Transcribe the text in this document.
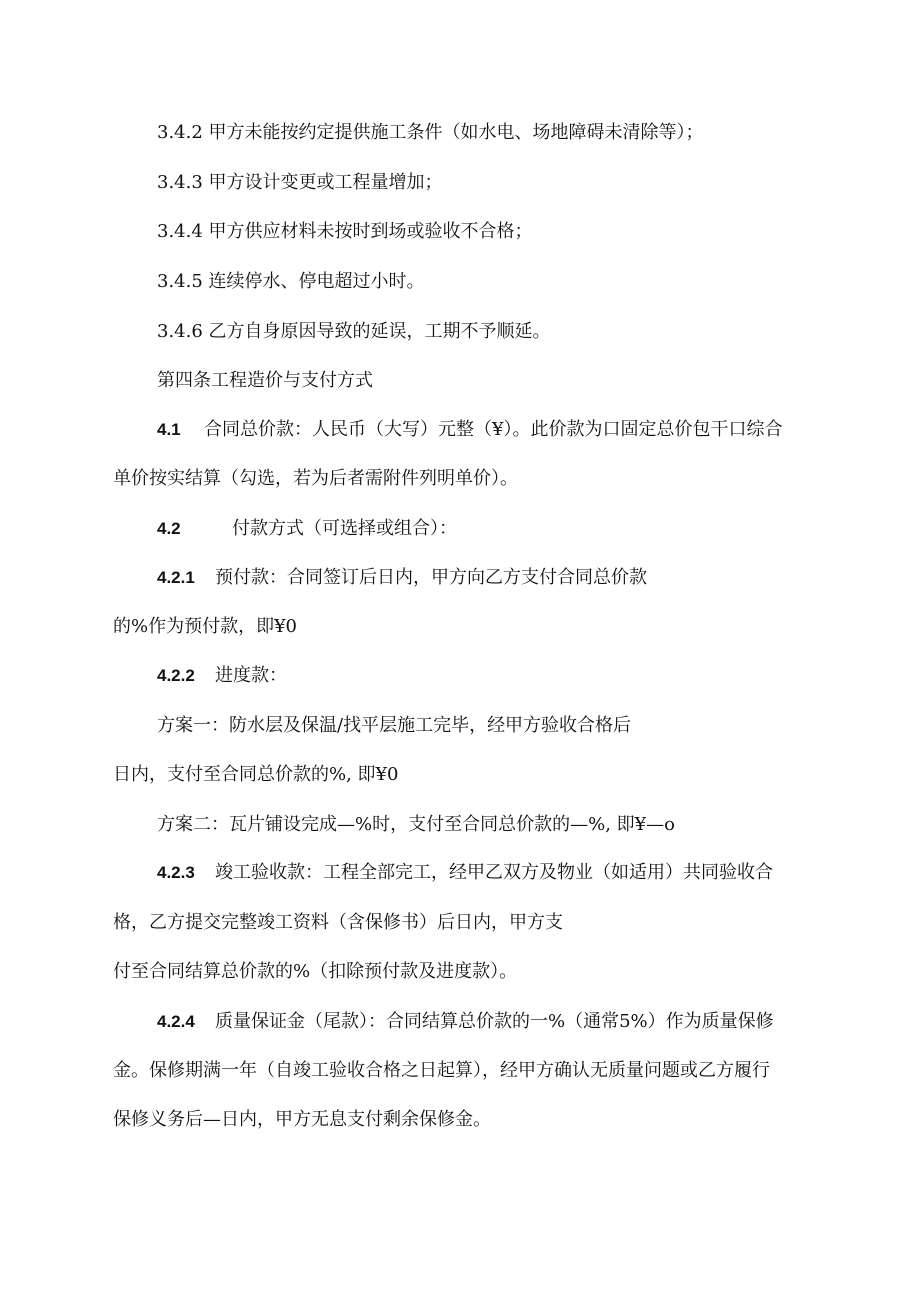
3.4.2 甲方未能按约定提供施工条件（如水电、场地障碍未清除等）；
3.4.3 甲方设计变更或工程量增加；
3.4.4 甲方供应材料未按时到场或验收不合格；
3.4.5 连续停水、停电超过小时。
3.4.6 乙方自身原因导致的延误，工期不予顺延。
第四条工程造价与支付方式
4.1 合同总价款：人民币（大写）元整（¥）。此价款为口固定总价包干口综合
单价按实结算（勾选，若为后者需附件列明单价）。
4.2	付款方式（可选择或组合）：
4.2.1 预付款：合同签订后日内，甲方向乙方支付合同总价款
的%作为预付款，即¥0
4.2.2 进度款：
方案一：防水层及保温/找平层施工完毕，经甲方验收合格后
日内，支付至合同总价款的%, 即¥0
方案二：瓦片铺设完成—%时，支付至合同总价款的—%, 即¥—o
4.2.3 竣工验收款：工程全部完工，经甲乙双方及物业（如适用）共同验收合
格，乙方提交完整竣工资料（含保修书）后日内，甲方支
付至合同结算总价款的%（扣除预付款及进度款）。
4.2.4 质量保证金（尾款）：合同结算总价款的一%（通常5%）作为质量保修
金。保修期满一年（自竣工验收合格之日起算），经甲方确认无质量问题或乙方履行
保修义务后—日内，甲方无息支付剩余保修金。
